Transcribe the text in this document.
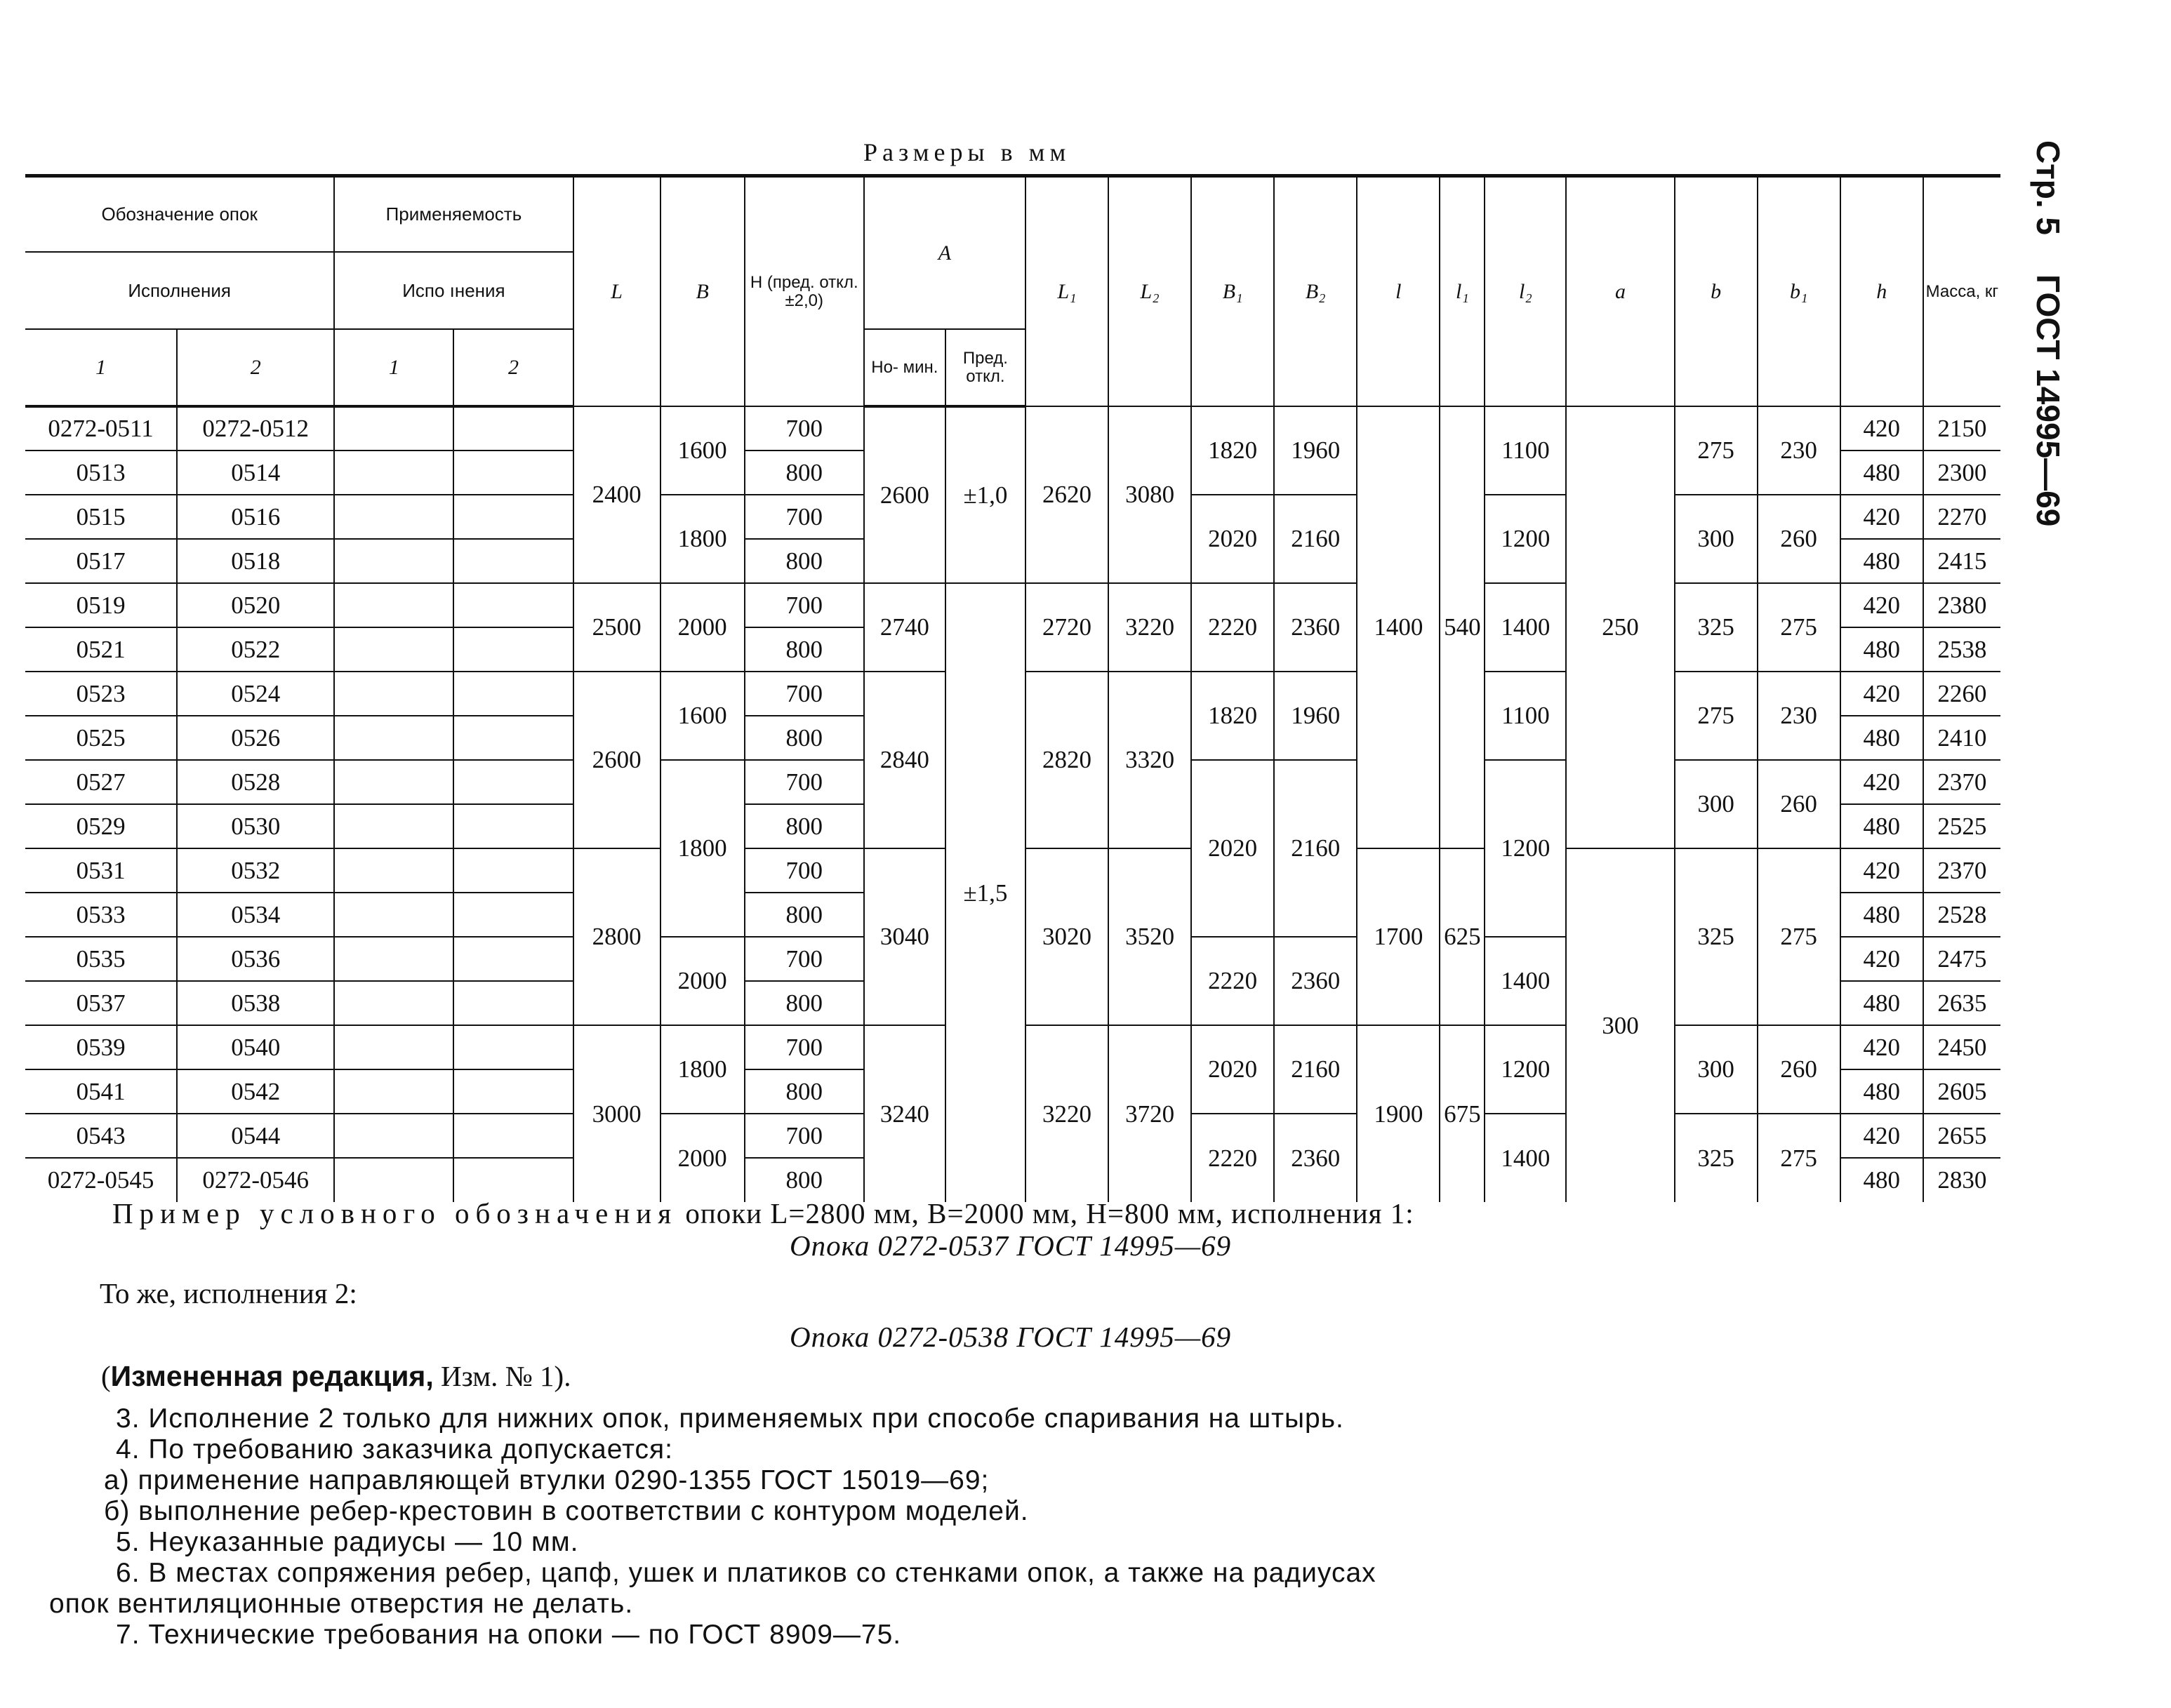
Размеры в мм	Стр. 5ГОСТ 14995—69
Обозначение опок		Применяемость		L	B	H (пред. откл. ±2,0)	A		L₁	L₂	B₁	B₂	l	l₁	l₂	a	b	b₁	h	Масса, кг
Исполнения		Испо ıнения																		
1	2	1	2				Но- мин.	Пред. откл.												
0272-0511	0272-0512			2400	1600	700	2600	±1,0	2620	3080	1820	1960	1400	540	1100	250	275	230	420	2150
0513	0514					800													480	2300
0515	0516				1800	700					2020	2160			1200		300	260	420	2270
0517	0518					800													480	2415
0519	0520			2500	2000	700	2740	±1,5	2720	3220	2220	2360			1400		325	275	420	2380
0521	0522					800													480	2538
0523	0524			2600	1600	700	2840		2820	3320	1820	1960			1100		275	230	420	2260
0525	0526					800													480	2410
0527	0528				1800	700					2020	2160			1200		300	260	420	2370
0529	0530					800													480	2525
0531	0532			2800		700	3040		3020	3520			1700	625		300	325	275	420	2370
0533	0534					800													480	2528
0535	0536				2000	700					2220	2360			1400				420	2475
0537	0538					800													480	2635
0539	0540			3000	1800	700	3240		3220	3720	2020	2160	1900	675	1200		300	260	420	2450
0541	0542					800													480	2605
0543	0544				2000	700					2220	2360			1400		325	275	420	2655
0272-0545	0272-0546					800													480	2830
Пример условного обозначения опоки L=2800 мм, B=2000 мм, H=800 мм, исполнения 1:
Опока 0272-0537 ГОСТ 14995—69
То же, исполнения 2:
Опока 0272-0538 ГОСТ 14995—69
(Измененная редакция, Изм. № 1).

3. Исполнение 2 только для нижних опок, применяемых при способе спаривания на штырь.

4. По требованию заказчика допускается:

а) применение направляющей втулки 0290-1355 ГОСТ 15019—69;

б) выполнение ребер-крестовин в соответствии с контуром моделей.

5. Неуказанные радиусы — 10 мм.

6. В местах сопряжения ребер, цапф, ушек и платиков со стенками опок, а также на радиусах

опок вентиляционные отверстия не делать.

7. Технические требования на опоки — по ГОСТ 8909—75.
